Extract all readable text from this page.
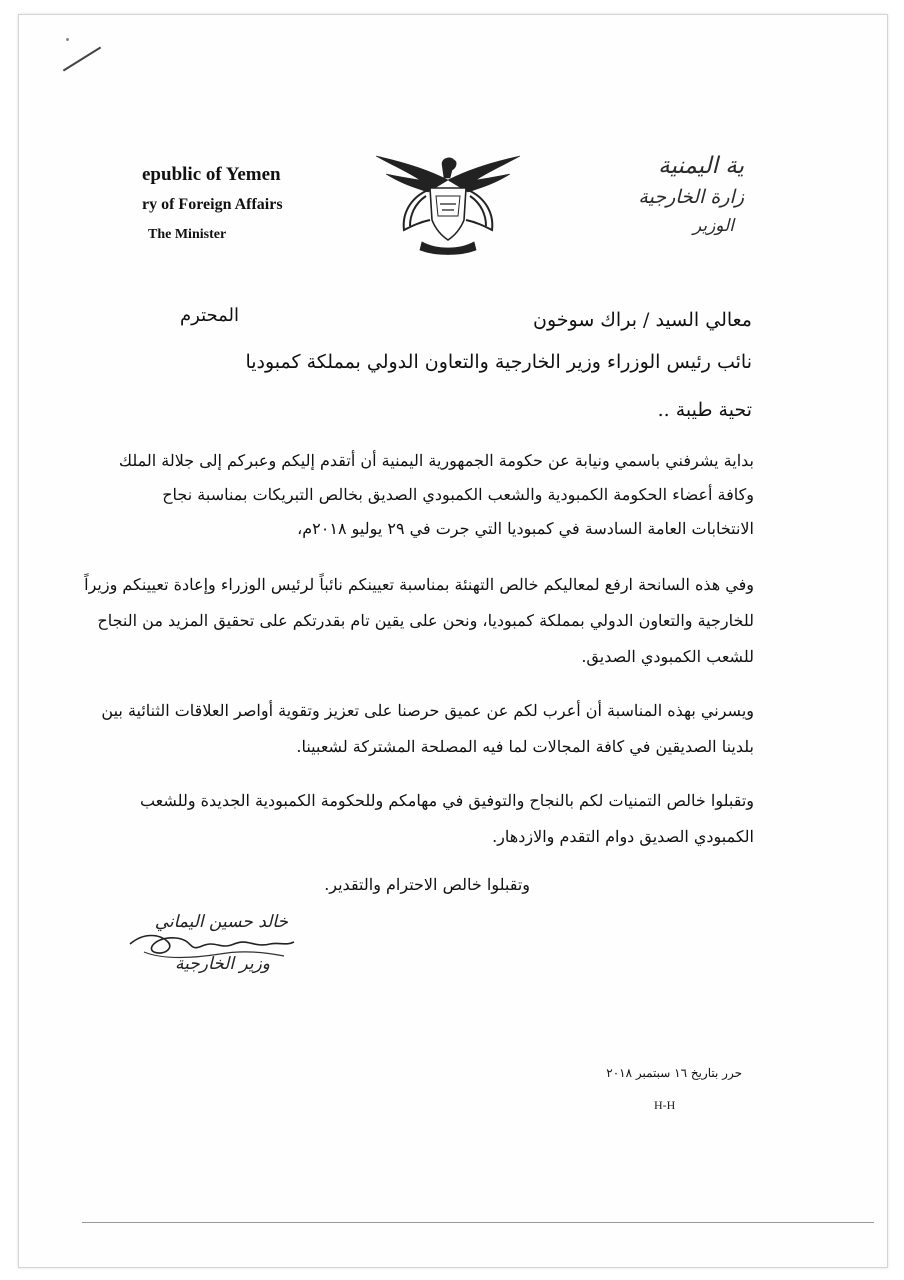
epublic of Yemen
ry of Foreign Affairs
The Minister
ية اليمنية
زارة الخارجية
الوزير
معالي السيد / براك سوخون
المحترم
نائب رئيس الوزراء وزير الخارجية والتعاون الدولي بمملكة كمبوديا
تحية طيبة ..
بداية يشرفني باسمي ونيابة عن حكومة الجمهورية اليمنية أن أتقدم إليكم وعبركم إلى جلالة الملك
وكافة أعضاء الحكومة الكمبودية والشعب الكمبودي الصديق بخالص التبريكات بمناسبة نجاح
الانتخابات العامة السادسة في كمبوديا التي جرت في ٢٩ يوليو ٢٠١٨م،
وفي هذه السانحة ارفع لمعاليكم خالص التهنئة بمناسبة تعيينكم نائباً لرئيس الوزراء وإعادة تعيينكم وزيراً
للخارجية والتعاون الدولي بمملكة كمبوديا، ونحن على يقين تام بقدرتكم على تحقيق المزيد من النجاح
للشعب الكمبودي الصديق.
ويسرني بهذه المناسبة أن أعرب لكم عن عميق حرصنا على تعزيز وتقوية أواصر العلاقات الثنائية بين
بلدينا الصديقين في كافة المجالات لما فيه المصلحة المشتركة لشعبينا.
وتقبلوا خالص التمنيات لكم بالنجاح والتوفيق في مهامكم وللحكومة الكمبودية الجديدة وللشعب
الكمبودي الصديق دوام التقدم والازدهار.
وتقبلوا خالص الاحترام والتقدير.
خالد حسين اليماني
وزير الخارجية
حرر بتاريخ ١٦ سبتمبر ٢٠١٨
H-H
